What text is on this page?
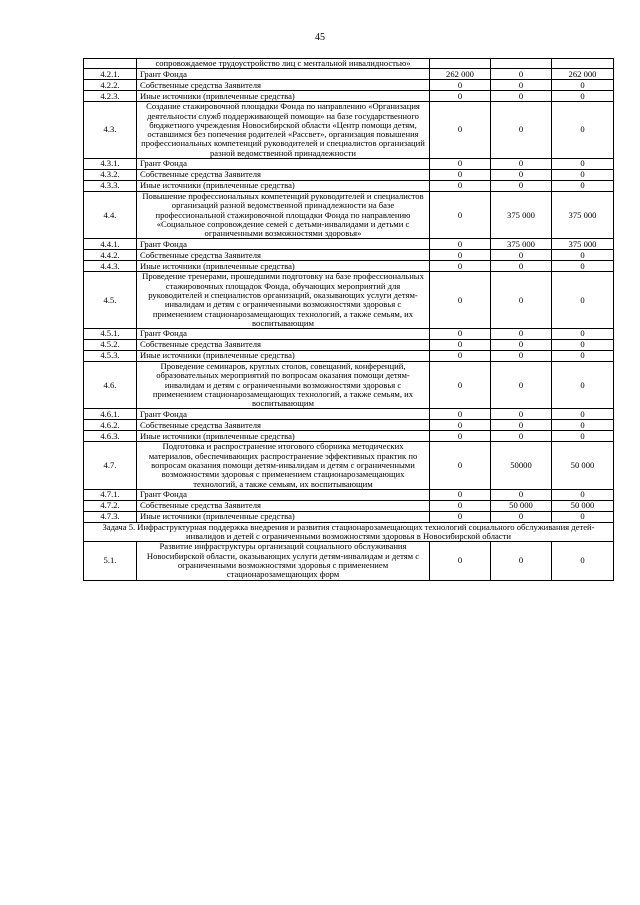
45
	сопровождаемое трудоустройство лиц с ментальной инвалидностью»			
4.2.1.	Грант Фонда	262 000	0	262 000
4.2.2.	Собственные средства Заявителя	0	0	0
4.2.3.	Иные источники (привлеченные средства)	0	0	0
4.3.	Создание стажировочной площадки Фонда по направлению «Организация деятельности служб поддерживающей помощи» на базе государственного бюджетного учреждения Новосибирской области «Центр помощи детям, оставшимся без попечения родителей «Рассвет», организация повышения профессиональных компетенций руководителей и специалистов организаций разной ведомственной принадлежности	0	0	0
4.3.1.	Грант Фонда	0	0	0
4.3.2.	Собственные средства Заявителя	0	0	0
4.3.3.	Иные источники (привлеченные средства)	0	0	0
4.4.	Повышение профессиональных компетенций руководителей и специалистов организаций разной ведомственной принадлежности на базе профессиональной стажировочной площадки Фонда по направлению «Социальное сопровождение семей с детьми-инвалидами и детьми с ограниченными возможностями здоровья»	0	375 000	375 000
4.4.1.	Грант Фонда	0	375 000	375 000
4.4.2.	Собственные средства Заявителя	0	0	0
4.4.3.	Иные источники (привлеченные средства)	0	0	0
4.5.	Проведение тренерами, прошедшими подготовку на базе профессиональных стажировочных площадок Фонда, обучающих мероприятий для руководителей и специалистов организаций, оказывающих услуги детям-инвалидам и детям с ограниченными возможностями здоровья с применением стационарозамещающих технологий, а также семьям, их воспитывающим	0	0	0
4.5.1.	Грант Фонда	0	0	0
4.5.2.	Собственные средства Заявителя	0	0	0
4.5.3.	Иные источники (привлеченные средства)	0	0	0
4.6.	Проведение семинаров, круглых столов, совещаний, конференций, образовательных мероприятий по вопросам оказания помощи детям-инвалидам и детям с ограниченными возможностями здоровья с применением стационарозамещающих технологий, а также семьям, их воспитывающим	0	0	0
4.6.1.	Грант Фонда	0	0	0
4.6.2.	Собственные средства Заявителя	0	0	0
4.6.3.	Иные источники (привлеченные средства)	0	0	0
4.7.	Подготовка и распространение итогового сборника методических материалов, обеспечивающих распространение эффективных практик по вопросам оказания помощи детям-инвалидам и детям с ограниченными возможностями здоровья с применением стационарозамещающих технологий, а также семьям, их воспитывающим	0	50000	50 000
4.7.1.	Грант Фонда	0	0	0
4.7.2.	Собственные средства Заявителя	0	50 000	50 000
4.7.3.	Иные источники (привлеченные средства)	0	0	0
Задача 5. Инфраструктурная поддержка внедрения и развития стационарозамещающих технологий социального обслуживания детей-инвалидов и детей с ограниченными возможностями здоровья в Новосибирской области				
5.1.	Развитие инфраструктуры организаций социального обслуживания Новосибирской области, оказывающих услуги детям-инвалидам и детям с ограниченными возможностями здоровья с применением стационарозамещающих форм	0	0	0
